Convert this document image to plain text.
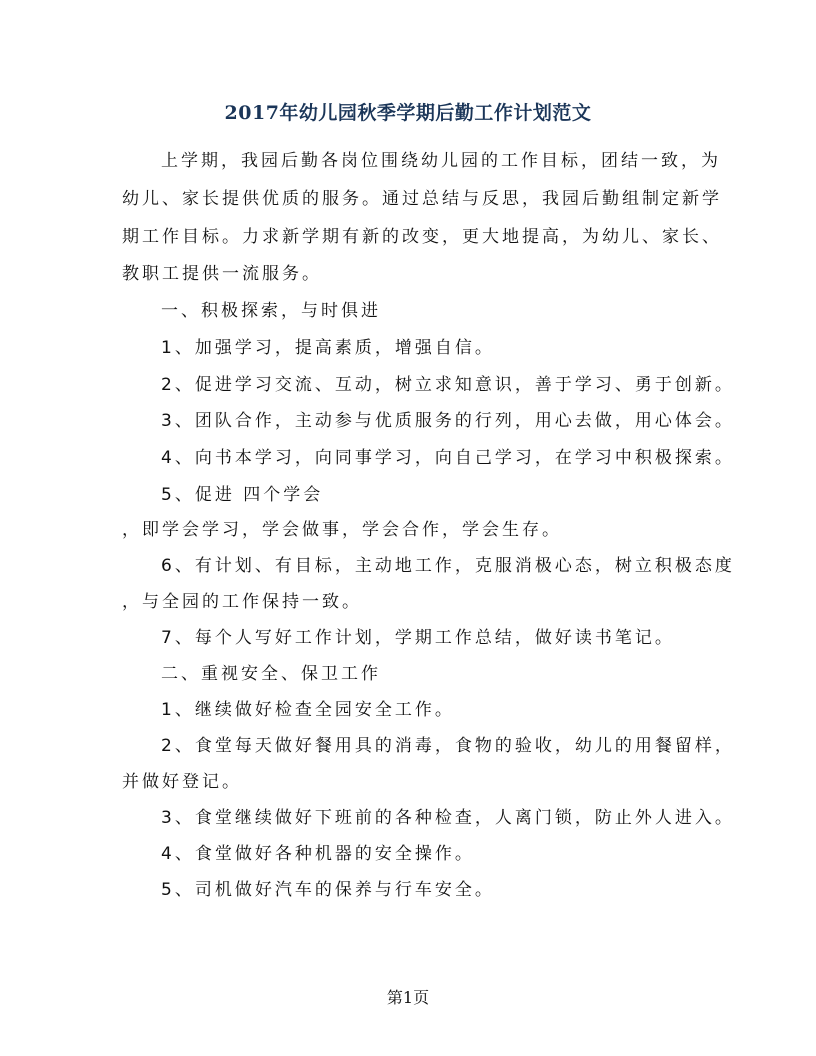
2017年幼儿园秋季学期后勤工作计划范文
上学期，我园后勤各岗位围绕幼儿园的工作目标，团结一致，为
幼儿、家长提供优质的服务。通过总结与反思，我园后勤组制定新学
期工作目标。力求新学期有新的改变，更大地提高，为幼儿、家长、
教职工提供一流服务。
一、积极探索，与时俱进
1、加强学习，提高素质，增强自信。
2、促进学习交流、互动，树立求知意识，善于学习、勇于创新。
3、团队合作，主动参与优质服务的行列，用心去做，用心体会。
4、向书本学习，向同事学习，向自己学习，在学习中积极探索。
5、促进 四个学会
，即学会学习，学会做事，学会合作，学会生存。
6、有计划、有目标，主动地工作，克服消极心态，树立积极态度
，与全园的工作保持一致。
7、每个人写好工作计划，学期工作总结，做好读书笔记。
二、重视安全、保卫工作
1、继续做好检查全园安全工作。
2、食堂每天做好餐用具的消毒，食物的验收，幼儿的用餐留样，
并做好登记。
3、食堂继续做好下班前的各种检查，人离门锁，防止外人进入。
4、食堂做好各种机器的安全操作。
5、司机做好汽车的保养与行车安全。
第1页
